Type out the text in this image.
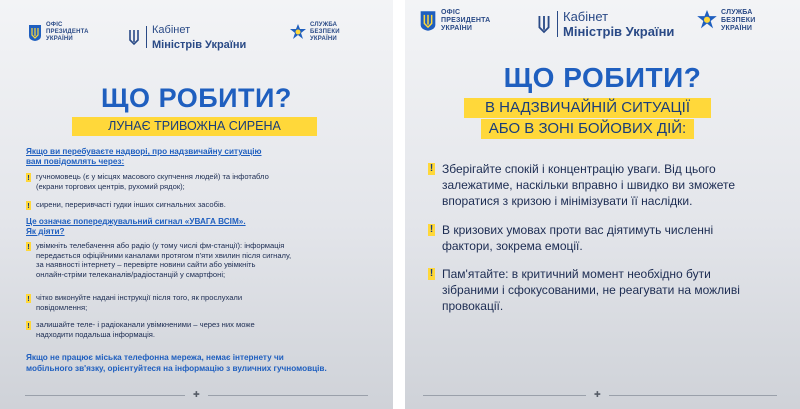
ОФІС
ПРЕЗИДЕНТА
УКРАЇНИ
Кабінет
Міністрів України
СЛУЖБА
БЕЗПЕКИ
УКРАЇНИ
ЩО РОБИТИ?
ЛУНАЄ ТРИВОЖНА СИРЕНА
Якщо ви перебуваєте надворі, про надзвичайну ситуацію
вам повідомлять через:
! гучномовець (є у місцях масового скупчення людей) та інфотабло
(екрани торгових центрів, рухомий рядок);
! сирени, переривчасті гудки інших сигнальних засобів.
Це означає попереджувальний сигнал «УВАГА ВСІМ».
Як діяти?
! увімкніть телебачення або радіо (у тому числі фм-станції): інформація
передається офіційними каналами протягом п'яти хвилин після сигналу,
за наявності інтернету – перевірте новини сайти або увімкніть
онлайн-стріми телеканалів/радіостанцій у смартфоні;
! чітко виконуйте надані інструкції після того, як прослухали
повідомлення;
! залишайте теле- і радіоканали увімкненими – через них може
надходити подальша інформація.
Якщо не працює міська телефонна мережа, немає інтернету чи
мобільного зв'язку, орієнтуйтеся на інформацію з вуличних гучномовців.
✚
ОФІС
ПРЕЗИДЕНТА
УКРАЇНИ
Кабінет
Міністрів України
СЛУЖБА
БЕЗПЕКИ
УКРАЇНИ
ЩО РОБИТИ?
В НАДЗВИЧАЙНІЙ СИТУАЦІЇ
АБО В ЗОНІ БОЙОВИХ ДІЙ:
! Зберігайте спокій і концентрацію уваги. Від цього
залежатиме, наскільки вправно і швидко ви зможете
впоратися з кризою і мінімізувати її наслідки.
! В кризових умовах проти вас діятимуть численні
фактори, зокрема емоції.
! Пам'ятайте: в критичний момент необхідно бути
зібраними і сфокусованими, не реагувати на можливі
провокації.
✚
